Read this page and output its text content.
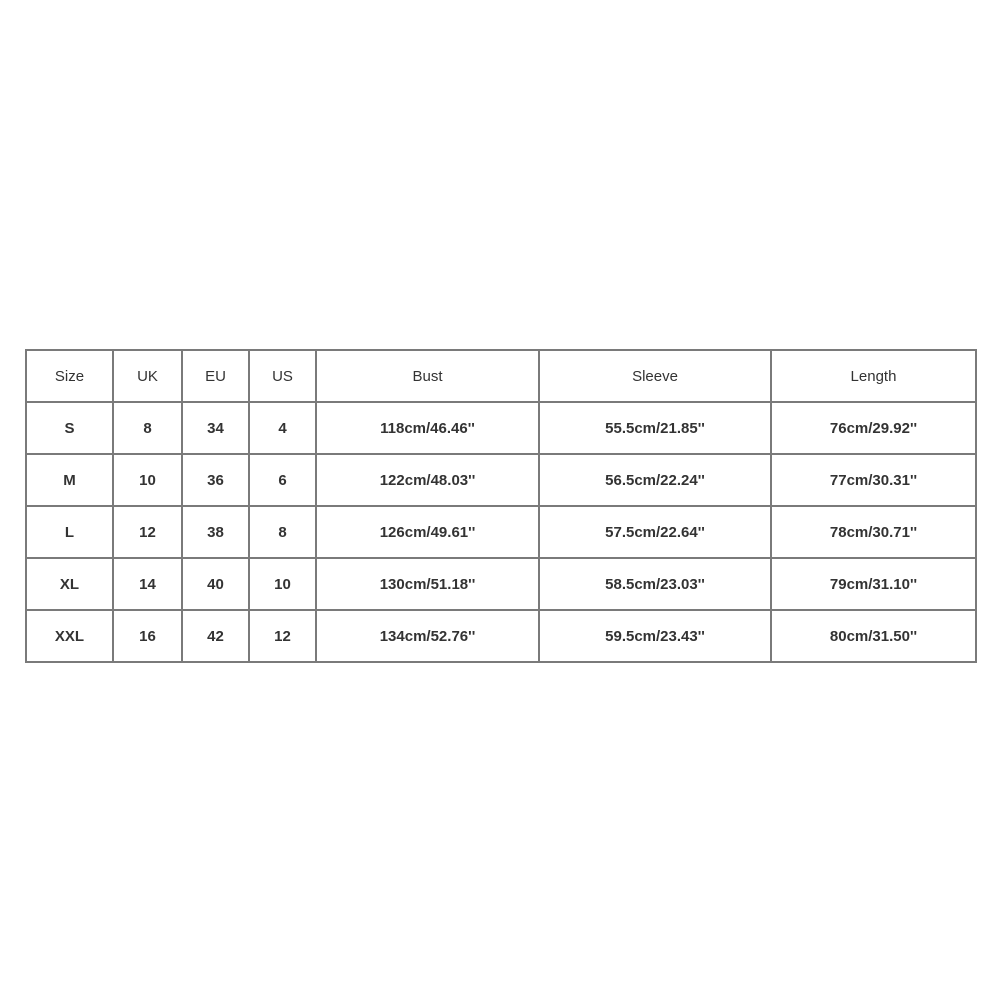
Size	UK	EU	US	Bust	Sleeve	Length
S	8	34	4	118cm/46.46''	55.5cm/21.85''	76cm/29.92''
M	10	36	6	122cm/48.03''	56.5cm/22.24''	77cm/30.31''
L	12	38	8	126cm/49.61''	57.5cm/22.64''	78cm/30.71''
XL	14	40	10	130cm/51.18''	58.5cm/23.03''	79cm/31.10''
XXL	16	42	12	134cm/52.76''	59.5cm/23.43''	80cm/31.50''
